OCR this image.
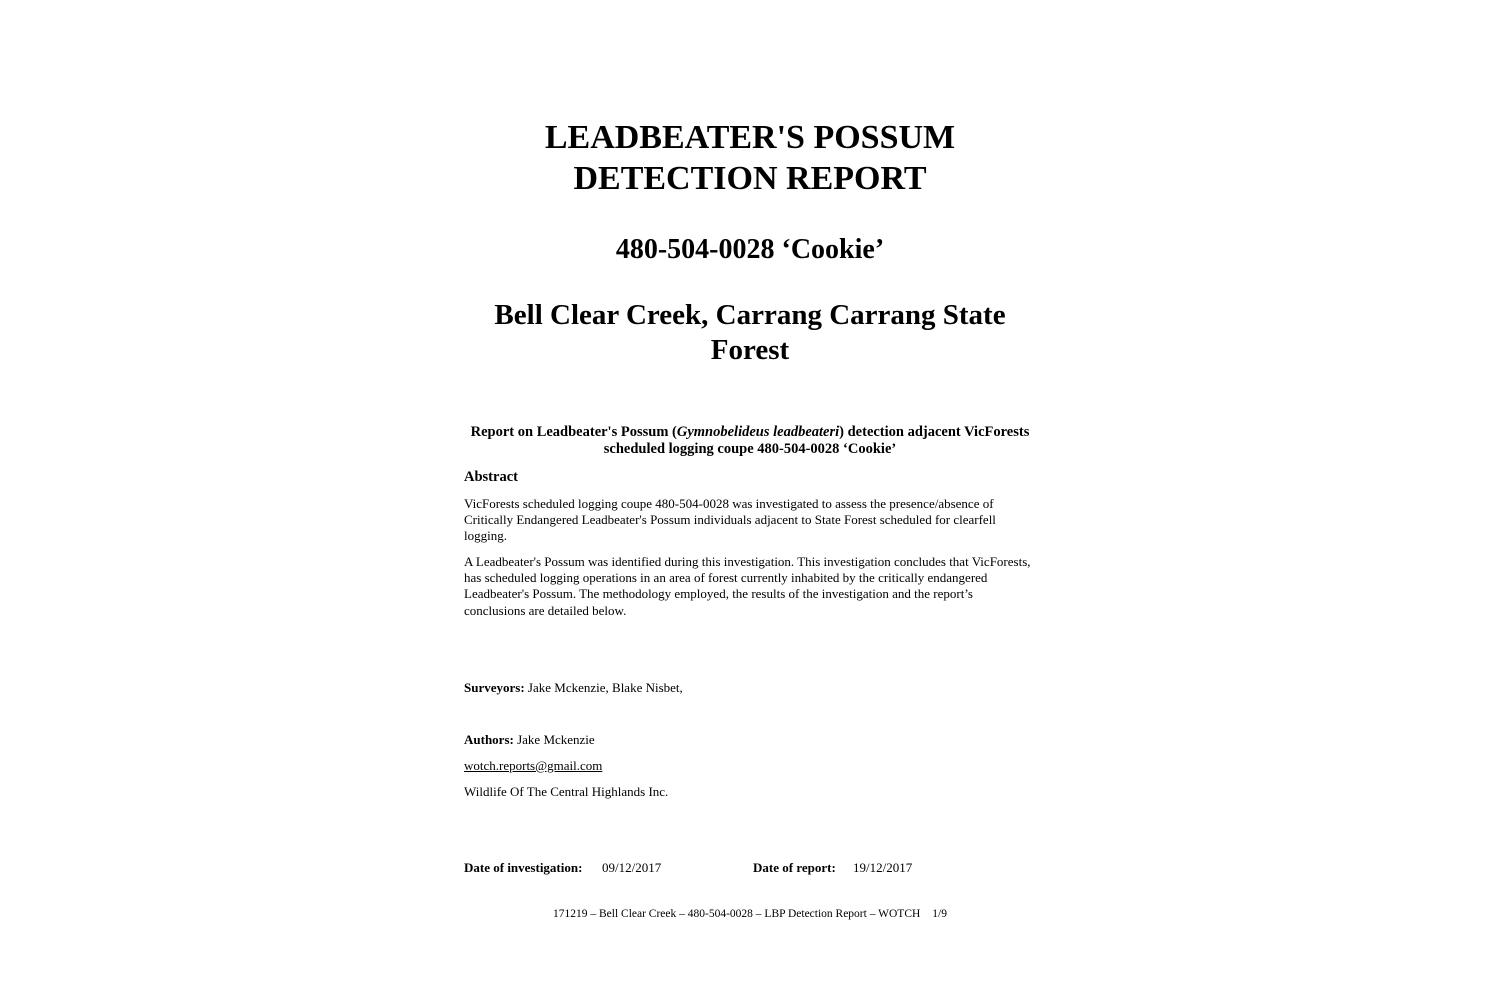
LEADBEATER'S POSSUM
DETECTION REPORT
480-504-0028 ‘Cookie’
Bell Clear Creek, Carrang Carrang State
Forest
Report on Leadbeater's Possum (Gymnobelideus leadbeateri) detection adjacent VicForests
scheduled logging coupe 480-504-0028 ‘Cookie’
Abstract
VicForests scheduled logging coupe 480-504-0028 was investigated to assess the presence/absence of
Critically Endangered Leadbeater's Possum individuals adjacent to State Forest scheduled for clearfell
logging.
A Leadbeater's Possum was identified during this investigation. This investigation concludes that VicForests,
has scheduled logging operations in an area of forest currently inhabited by the critically endangered
Leadbeater's Possum. The methodology employed, the results of the investigation and the report’s
conclusions are detailed below.
Surveyors: Jake Mckenzie, Blake Nisbet,
Authors: Jake Mckenzie
wotch.reports@gmail.com
Wildlife Of The Central Highlands Inc.
Date of investigation: 09/12/2017	Date of report: 19/12/2017
171219 – Bell Clear Creek – 480-504-0028 – LBP Detection Report – WOTCH 1/9
